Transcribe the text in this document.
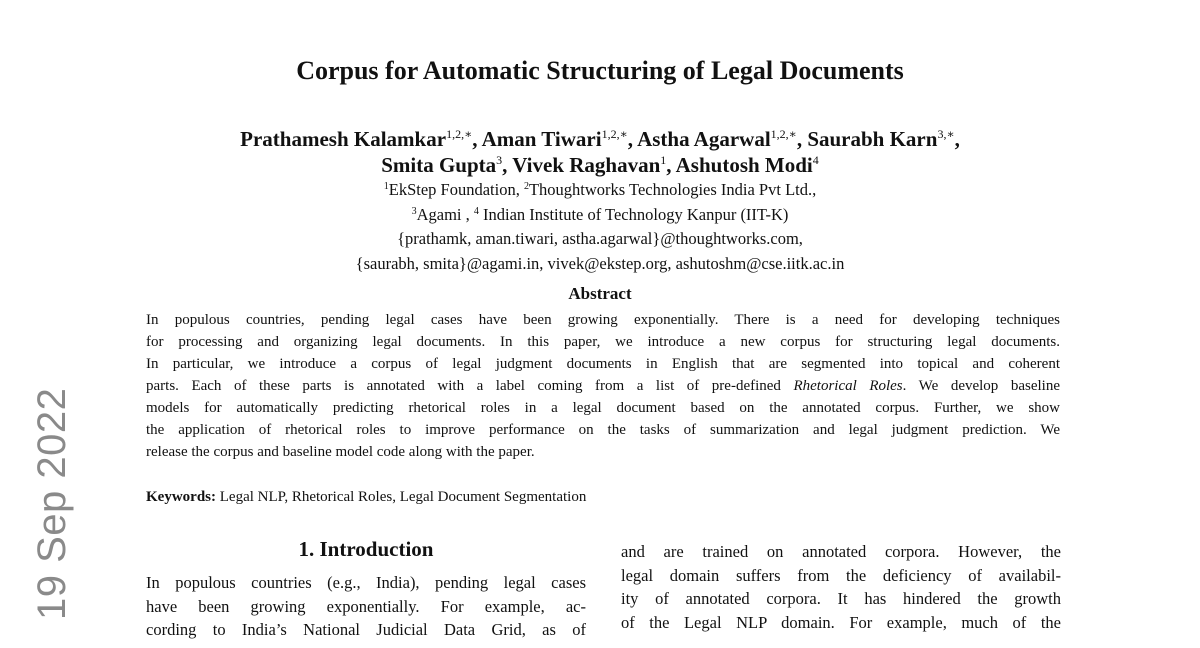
19 Sep 2022
Corpus for Automatic Structuring of Legal Documents
Prathamesh Kalamkar$^{1,2,∗}$, Aman Tiwari$^{1,2,∗}$, Astha Agarwal$^{1,2,∗}$, Saurabh Karn$^{3,∗}$,
Smita Gupta$^3$, Vivek Raghavan$^1$, Ashutosh Modi$^4$
$^1$EkStep Foundation, $^2$Thoughtworks Technologies India Pvt Ltd.,
$^3$Agami , $^4$ Indian Institute of Technology Kanpur (IIT-K)
{prathamk, aman.tiwari, astha.agarwal}@thoughtworks.com,
{saurabh, smita}@agami.in, vivek@ekstep.org, ashutoshm@cse.iitk.ac.in
Abstract
In populous countries, pending legal cases have been growing exponentially. There is a need for developing techniques
for processing and organizing legal documents. In this paper, we introduce a new corpus for structuring legal documents.
In particular, we introduce a corpus of legal judgment documents in English that are segmented into topical and coherent
parts. Each of these parts is annotated with a label coming from a list of pre-defined Rhetorical Roles. We develop baseline
models for automatically predicting rhetorical roles in a legal document based on the annotated corpus. Further, we show
the application of rhetorical roles to improve performance on the tasks of summarization and legal judgment prediction. We
release the corpus and baseline model code along with the paper.
Keywords: Legal NLP, Rhetorical Roles, Legal Document Segmentation
1. Introduction
In populous countries (e.g., India), pending legal cases
have been growing exponentially. For example, ac-
cording to India’s National Judicial Data Grid, as of
and are trained on annotated corpora. However, the
legal domain suffers from the deficiency of availabil-
ity of annotated corpora. It has hindered the growth
of the Legal NLP domain. For example, much of the
